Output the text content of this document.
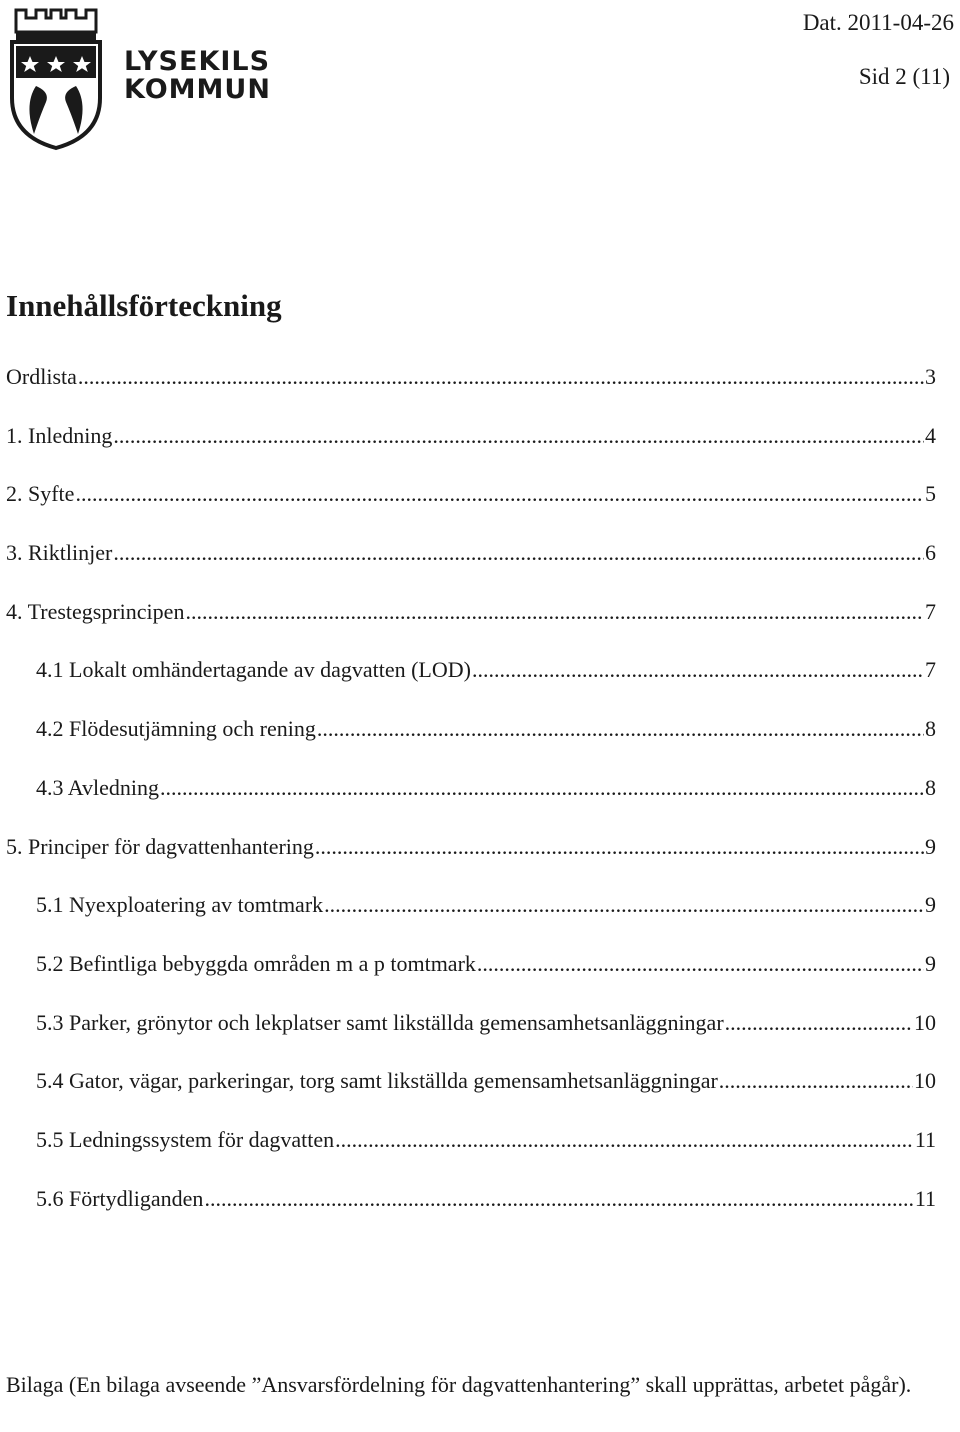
LYSEKILS
KOMMUN
Dat. 2011-04-26
Sid 2 (11)
Innehållsförteckning
Ordlista .....	3
1. Inledning .....	4
2. Syfte .....	5
3. Riktlinjer .....	6
4. Trestegsprincipen .....	7
4.1 Lokalt omhändertagande av dagvatten (LOD) .....	7
4.2 Flödesutjämning och rening .....	8
4.3 Avledning .....	8
5. Principer för dagvattenhantering .....	9
5.1 Nyexploatering av tomtmark .....	9
5.2 Befintliga bebyggda områden m a p tomtmark .....	9
5.3 Parker, grönytor och lekplatser samt likställda gemensamhetsanläggningar .....	10
5.4 Gator, vägar, parkeringar, torg samt likställda gemensamhetsanläggningar .....	10
5.5 Ledningssystem för dagvatten .....	11
5.6 Förtydliganden .....	11

Bilaga (En bilaga avseende ”Ansvarsfördelning för dagvattenhantering” skall upprättas, arbetet pågår).
